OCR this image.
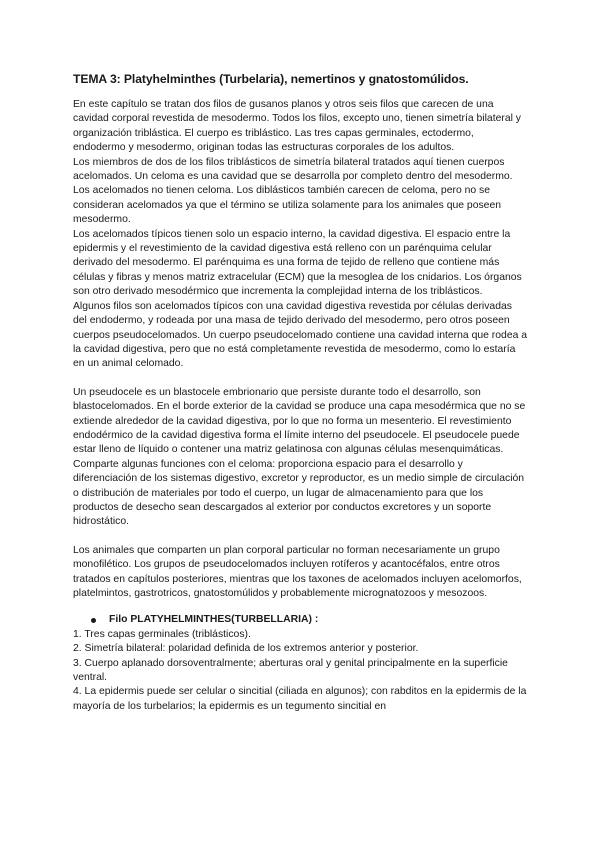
TEMA 3: Platyhelminthes (Turbelaria), nemertinos y gnatostomúlidos.

En este capítulo se tratan dos filos de gusanos planos y otros seis filos que carecen de una cavidad corporal revestida de mesodermo. Todos los filos, excepto uno, tienen simetría bilateral y organización triblástica. El cuerpo es triblástico. Las tres capas germinales, ectodermo, endodermo y mesodermo, originan todas las estructuras corporales de los adultos.

Los miembros de dos de los filos triblásticos de simetría bilateral tratados aquí tienen cuerpos acelomados. Un celoma es una cavidad que se desarrolla por completo dentro del mesodermo. Los acelomados no tienen celoma. Los diblásticos también carecen de celoma, pero no se consideran acelomados ya que el término se utiliza solamente para los animales que poseen mesodermo.

Los acelomados típicos tienen solo un espacio interno, la cavidad digestiva. El espacio entre la epidermis y el revestimiento de la cavidad digestiva está relleno con un parénquima celular derivado del mesodermo. El parénquima es una forma de tejido de relleno que contiene más células y fibras y menos matriz extracelular (ECM) que la mesoglea de los cnidarios. Los órganos son otro derivado mesodérmico que incrementa la complejidad interna de los triblásticos.

Algunos filos son acelomados típicos con una cavidad digestiva revestida por células derivadas del endodermo, y rodeada por una masa de tejido derivado del mesodermo, pero otros poseen cuerpos pseudocelomados. Un cuerpo pseudocelomado contiene una cavidad interna que rodea a la cavidad digestiva, pero que no está completamente revestida de mesodermo, como lo estaría en un animal celomado.

Un pseudocele es un blastocele embrionario que persiste durante todo el desarrollo, son blastocelomados. En el borde exterior de la cavidad se produce una capa mesodérmica que no se extiende alrededor de la cavidad digestiva, por lo que no forma un mesenterio. El revestimiento endodérmico de la cavidad digestiva forma el límite interno del pseudocele. El pseudocele puede estar lleno de líquido o contener una matriz gelatinosa con algunas células mesenquimáticas. Comparte algunas funciones con el celoma: proporciona espacio para el desarrollo y diferenciación de los sistemas digestivo, excretor y reproductor, es un medio simple de circulación o distribución de materiales por todo el cuerpo, un lugar de almacenamiento para que los productos de desecho sean descargados al exterior por conductos excretores y un soporte hidrostático.

Los animales que comparten un plan corporal particular no forman necesariamente un grupo monofilético. Los grupos de pseudocelomados incluyen rotíferos y acantocéfalos, entre otros tratados en capítulos posteriores, mientras que los taxones de acelomados incluyen acelomorfos, platelmintos, gastrotricos, gnatostomúlidos y probablemente micrognatozoos y mesozoos.

Filo PLATYHELMINTHES(TURBELLARIA) :
1. Tres capas germinales (triblásticos).
2. Simetría bilateral: polaridad definida de los extremos anterior y posterior.
3. Cuerpo aplanado dorsoventralmente; aberturas oral y genital principalmente en la superficie ventral.
4. La epidermis puede ser celular o sincitial (ciliada en algunos); con rabditos en la epidermis de la mayoría de los turbelarios; la epidermis es un tegumento sincitial en
